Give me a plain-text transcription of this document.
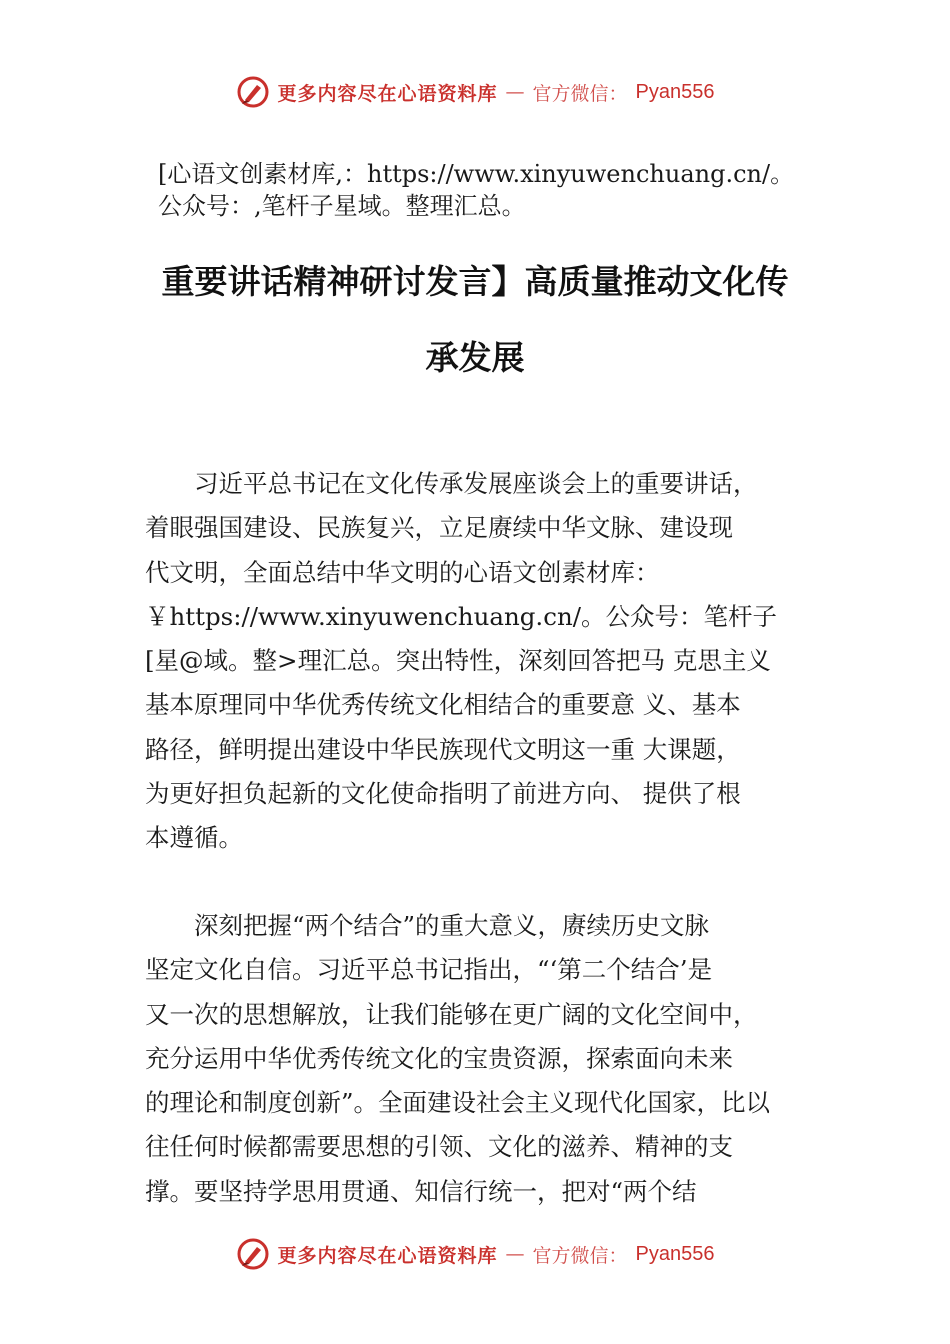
更多内容尽在心语资料库 — 官方微信： Pyan556
[心语文创素材库,：https://www.xinyuwenchuang.cn/。
公众号：,笔杆子星域。整理汇总。
重要讲话精神研讨发言】高质量推动文化传
承发展
　　习近平总书记在文化传承发展座谈会上的重要讲话，
着眼强国建设、民族复兴，立足赓续中华文脉、建设现
代文明，全面总结中华文明的心语文创素材库：
￥https://www.xinyuwenchuang.cn/。公众号：笔杆子
[星@域。整>理汇总。突出特性，深刻回答把马 克思主义
基本原理同中华优秀传统文化相结合的重要意 义、基本
路径，鲜明提出建设中华民族现代文明这一重 大课题，
为更好担负起新的文化使命指明了前进方向、 提供了根
本遵循。
　　深刻把握“两个结合”的重大意义，赓续历史文脉
坚定文化自信。习近平总书记指出，“‘第二个结合’是
又一次的思想解放，让我们能够在更广阔的文化空间中，
充分运用中华优秀传统文化的宝贵资源，探索面向未来
的理论和制度创新”。全面建设社会主义现代化国家，比以
往任何时候都需要思想的引领、文化的滋养、精神的支
撑。要坚持学思用贯通、知信行统一，把对“两个结
更多内容尽在心语资料库 — 官方微信： Pyan556
